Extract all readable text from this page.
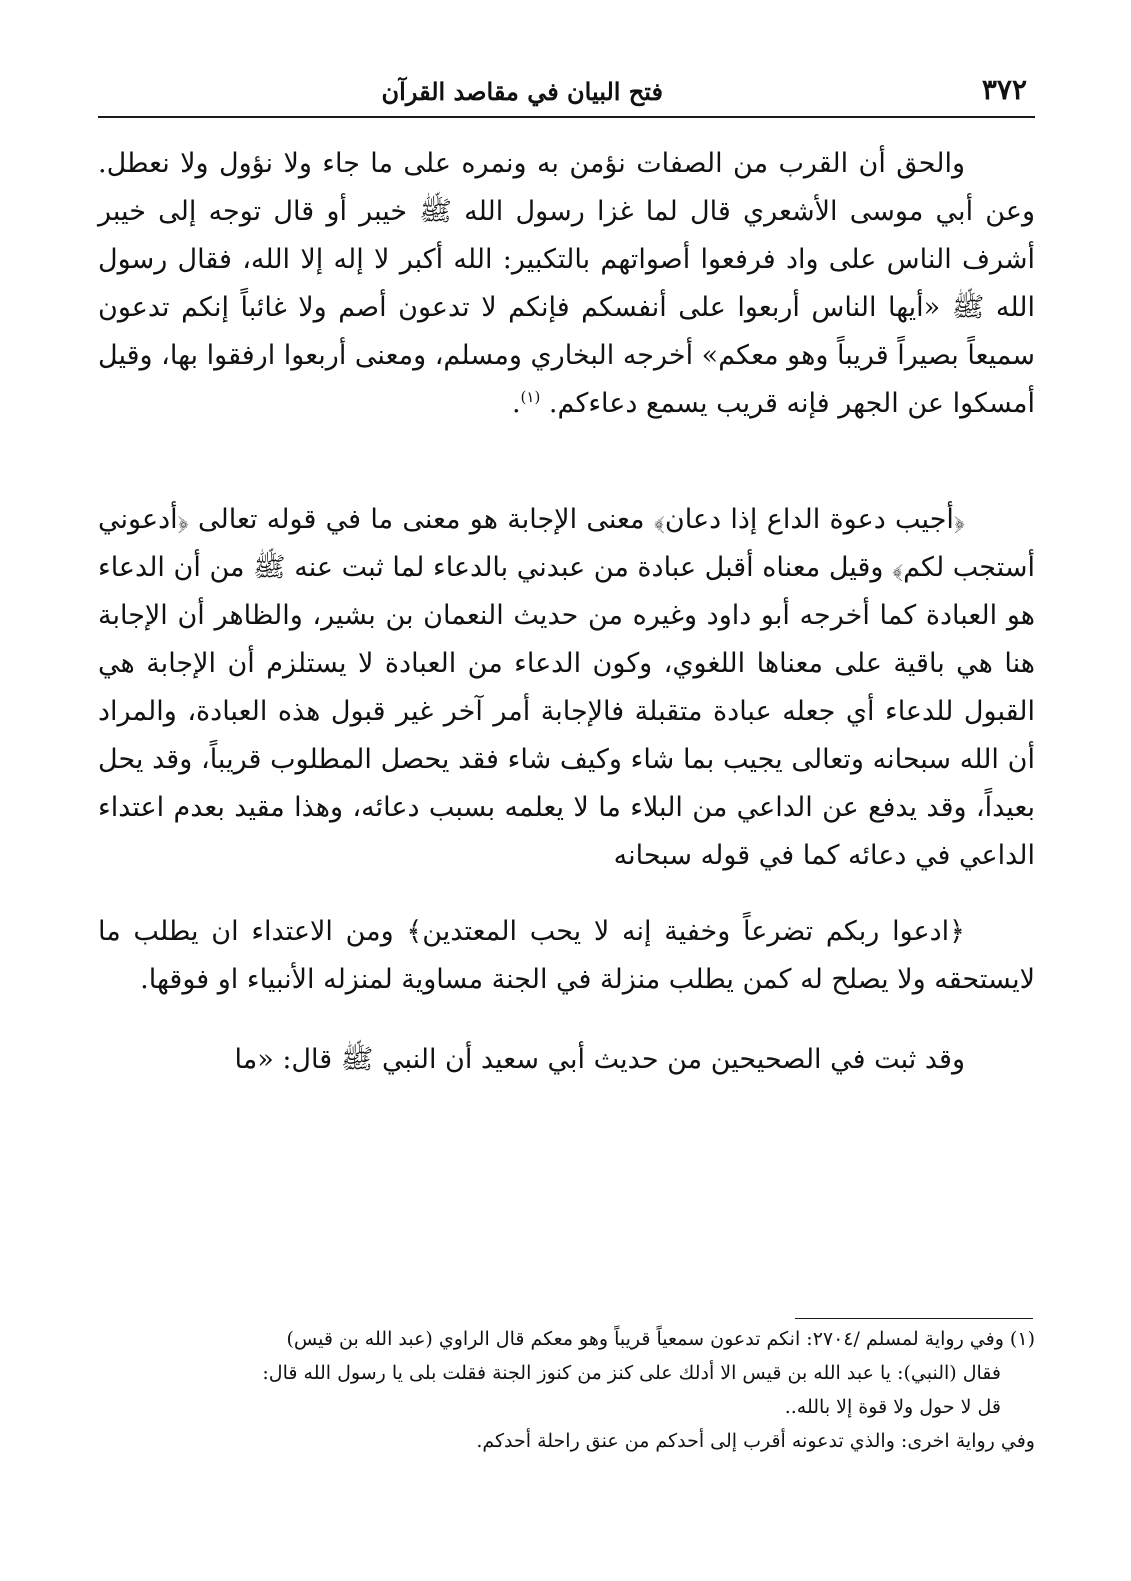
٣٧٢
فتح البيان في مقاصد القرآن

والحق أن القرب من الصفات نؤمن به ونمره على ما جاء ولا نؤول ولا نعطل. وعن أبي موسى الأشعري قال لما غزا رسول الله ﷺ خيبر أو قال توجه إلى خيبر أشرف الناس على واد فرفعوا أصواتهم بالتكبير: الله أكبر لا إله إلا الله، فقال رسول الله ﷺ «أيها الناس أربعوا على أنفسكم فإنكم لا تدعون أصم ولا غائباً إنكم تدعون سميعاً بصيراً قريباً وهو معكم» أخرجه البخاري ومسلم، ومعنى أربعوا ارفقوا بها، وقيل أمسكوا عن الجهر فإنه قريب يسمع دعاءكم. $^{(١)}$.

﴿أجيب دعوة الداع إذا دعان﴾ معنى الإجابة هو معنى ما في قوله تعالى ﴿أدعوني أستجب لكم﴾ وقيل معناه أقبل عبادة من عبدني بالدعاء لما ثبت عنه ﷺ من أن الدعاء هو العبادة كما أخرجه أبو داود وغيره من حديث النعمان بن بشير، والظاهر أن الإجابة هنا هي باقية على معناها اللغوي، وكون الدعاء من العبادة لا يستلزم أن الإجابة هي القبول للدعاء أي جعله عبادة متقبلة فالإجابة أمر آخر غير قبول هذه العبادة، والمراد أن الله سبحانه وتعالى يجيب بما شاء وكيف شاء فقد يحصل المطلوب قريباً، وقد يحل بعيداً، وقد يدفع عن الداعي من البلاء ما لا يعلمه بسبب دعائه، وهذا مقيد بعدم اعتداء الداعي في دعائه كما في قوله سبحانه

﴿ادعوا ربكم تضرعاً وخفية إنه لا يحب المعتدين﴾ ومن الاعتداء ان يطلب ما لايستحقه ولا يصلح له كمن يطلب منزلة في الجنة مساوية لمنزله الأنبياء او فوقها.

وقد ثبت في الصحيحين من حديث أبي سعيد أن النبي ﷺ قال: «ما

(١) وفي رواية لمسلم /٢٧٠٤: انكم تدعون سمعياً قريباً وهو معكم قال الراوي (عبد الله بن قيس)

فقال (النبي): يا عبد الله بن قيس الا أدلك على كنز من كنوز الجنة فقلت بلى يا رسول الله قال:

قل لا حول ولا قوة إلا بالله..

وفي رواية اخرى: والذي تدعونه أقرب إلى أحدكم من عنق راحلة أحدكم.
